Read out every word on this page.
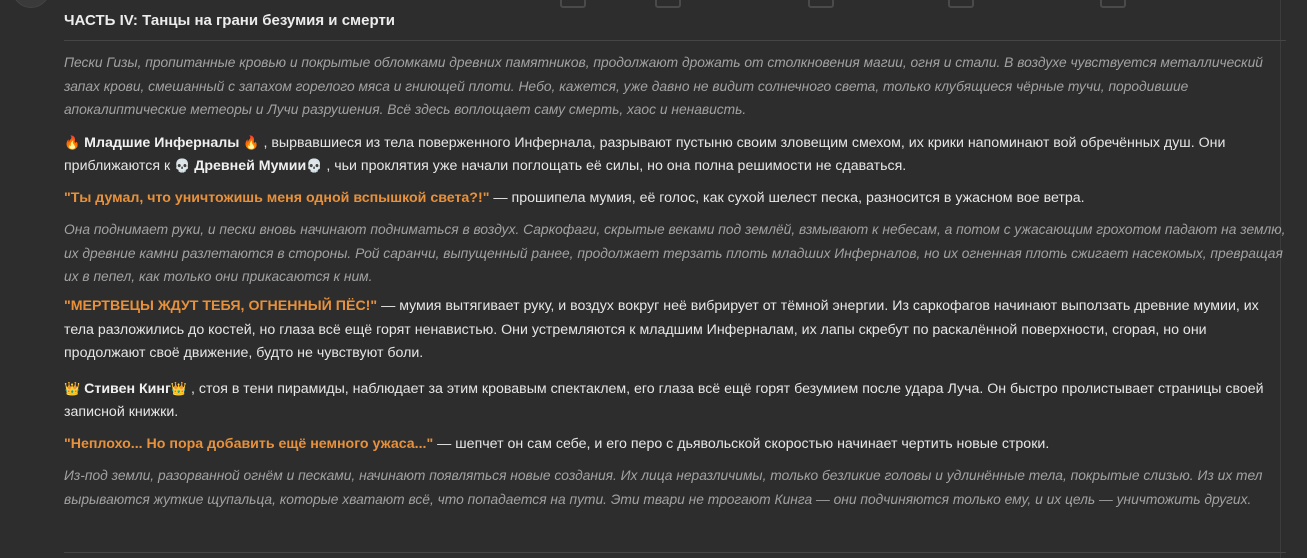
ЧАСТЬ IV: Танцы на грани безумия и смерти

Пески Гизы, пропитанные кровью и покрытые обломками древних памятников, продолжают дрожать от столкновения магии, огня и стали. В воздухе чувствуется металлический запах крови, смешанный с запахом горелого мяса и гниющей плоти. Небо, кажется, уже давно не видит солнечного света, только клубящиеся чёрные тучи, породившие апокалиптические метеоры и Лучи разрушения. Всё здесь воплощает саму смерть, хаос и ненависть.

🔥 Младшие Инферналы 🔥 , вырвавшиеся из тела поверженного Инфернала, разрывают пустыню своим зловещим смехом, их крики напоминают вой обречённых душ. Они приближаются к 💀 Древней Мумии💀 , чьи проклятия уже начали поглощать её силы, но она полна решимости не сдаваться.

"Ты думал, что уничтожишь меня одной вспышкой света?!" — прошипела мумия, её голос, как сухой шелест песка, разносится в ужасном вое ветра.

Она поднимает руки, и пески вновь начинают подниматься в воздух. Саркофаги, скрытые веками под землёй, взмывают к небесам, а потом с ужасающим грохотом падают на землю, их древние камни разлетаются в стороны. Рой саранчи, выпущенный ранее, продолжает терзать плоть младших Инферналов, но их огненная плоть сжигает насекомых, превращая их в пепел, как только они прикасаются к ним.

"МЕРТВЕЦЫ ЖДУТ ТЕБЯ, ОГНЕННЫЙ ПЁС!" — мумия вытягивает руку, и воздух вокруг неё вибрирует от тёмной энергии. Из саркофагов начинают выползать древние мумии, их тела разложились до костей, но глаза всё ещё горят ненавистью. Они устремляются к младшим Инферналам, их лапы скребут по раскалённой поверхности, сгорая, но они продолжают своё движение, будто не чувствуют боли.

👑 Стивен Кинг👑 , стоя в тени пирамиды, наблюдает за этим кровавым спектаклем, его глаза всё ещё горят безумием после удара Луча. Он быстро пролистывает страницы своей записной книжки.

"Неплохо... Но пора добавить ещё немного ужаса..." — шепчет он сам себе, и его перо с дьявольской скоростью начинает чертить новые строки.

Из-под земли, разорванной огнём и песками, начинают появляться новые создания. Их лица неразличимы, только безликие головы и удлинённые тела, покрытые слизью. Из их тел вырываются жуткие щупальца, которые хватают всё, что попадается на пути. Эти твари не трогают Кинга — они подчиняются только ему, и их цель — уничтожить других.
